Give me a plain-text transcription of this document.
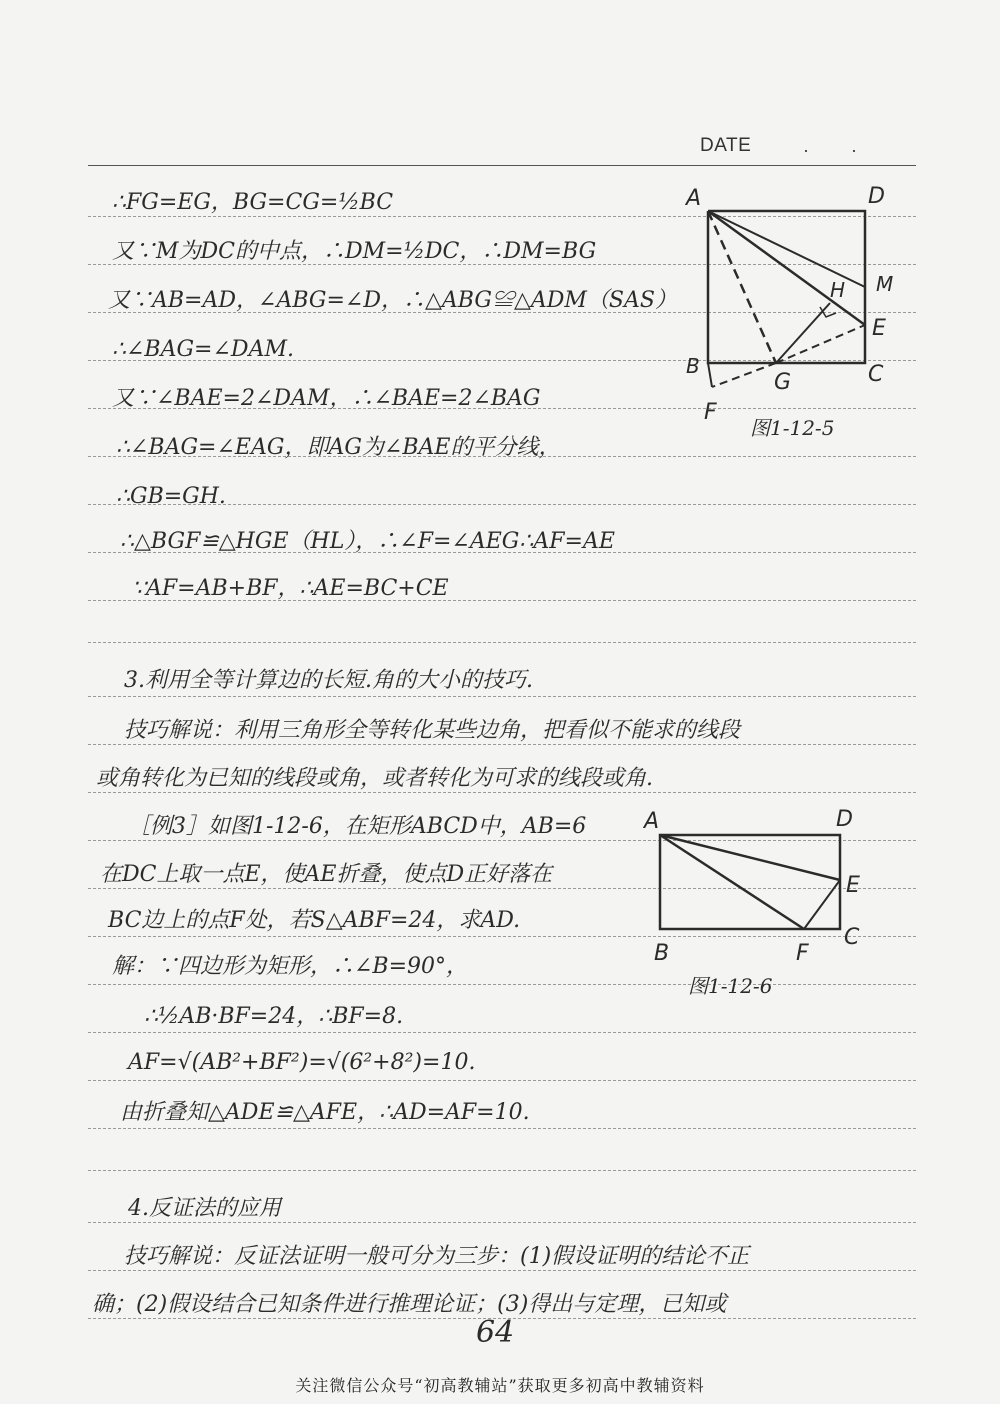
DATE	· ·
∴FG=EG，BG=CG=½BC
又∵M为DC的中点，∴DM=½DC，∴DM=BG
又∵AB=AD，∠ABG=∠D，∴△ABG≌△ADM（SAS）
∴∠BAG=∠DAM.
又∵∠BAE=2∠DAM，∴∠BAE=2∠BAG
∴∠BAG=∠EAG，即AG为∠BAE的平分线，
∴GB=GH.
∴△BGF≌△HGE（HL），∴∠F=∠AEG∴AF=AE
∵AF=AB+BF，∴AE=BC+CE
A	D
M
H
E
B
G	C
F
图1-12-5
3.利用全等计算边的长短.角的大小的技巧.
技巧解说：利用三角形全等转化某些边角，把看似不能求的线段
或角转化为已知的线段或角，或者转化为可求的线段或角.
［例3］如图1-12-6，在矩形ABCD中，AB=6
在DC上取一点E，使AE折叠，使点D正好落在
BC边上的点F处，若S△ABF=24，求AD.
解：∵四边形为矩形，∴∠B=90°，
∴½AB·BF=24，∴BF=8.
AF=√(AB²+BF²)=√(6²+8²)=10.
由折叠知△ADE≌△AFE，∴AD=AF=10.
A	D
E
B	F
C
图1-12-6
4.反证法的应用
技巧解说：反证法证明一般可分为三步：(1)假设证明的结论不正
确；(2)假设结合已知条件进行推理论证；(3)得出与定理，已知或
64
关注微信公众号“初高教辅站”获取更多初高中教辅资料
